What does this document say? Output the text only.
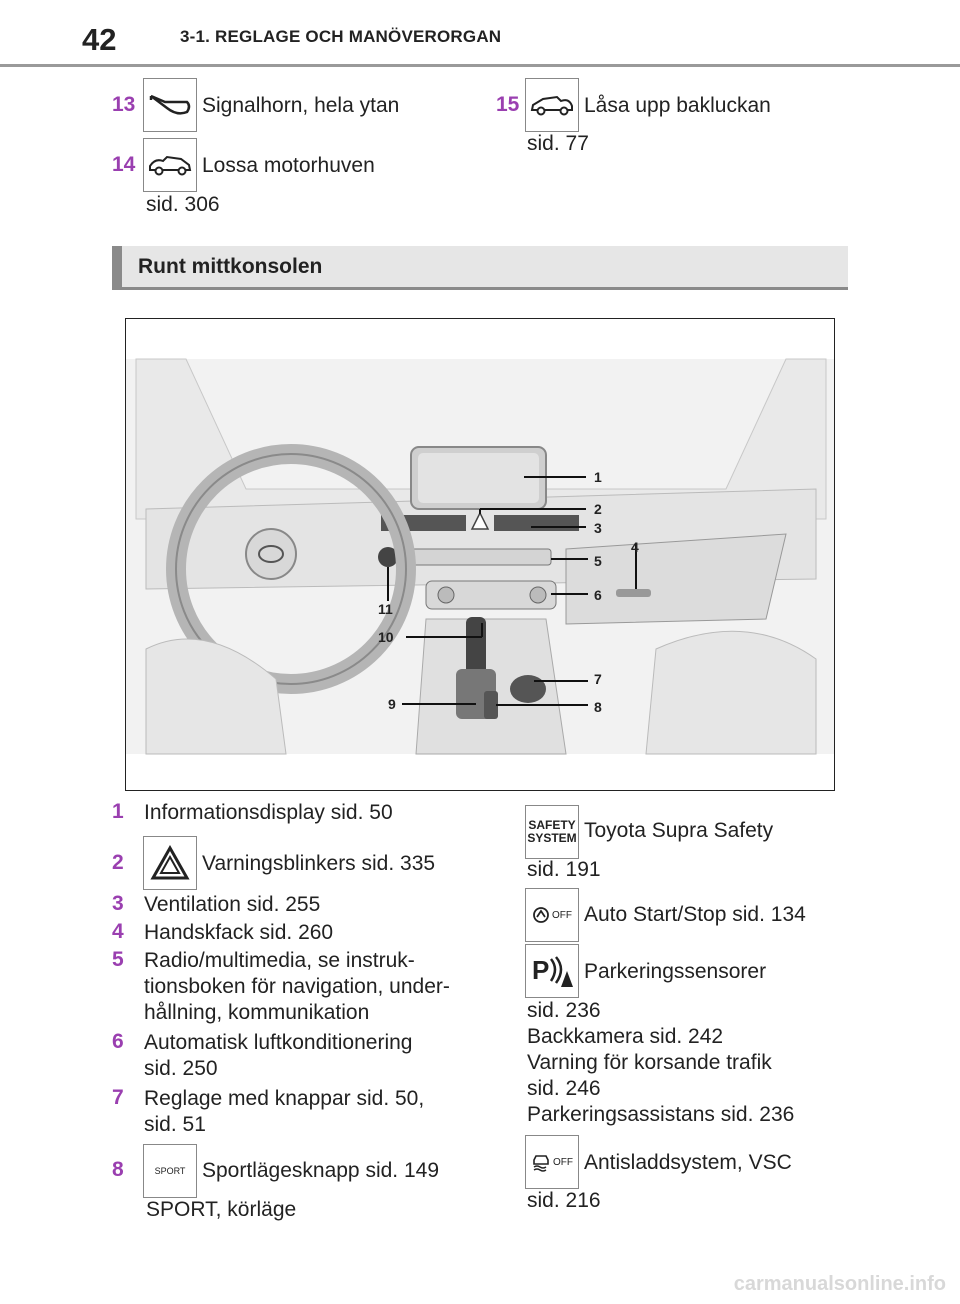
42	3-1. REGLAGE OCH MANÖVERORGAN
13	Signalhorn, hela ytan
14	Lossa motorhuven
sid. 306
15	Låsa upp bakluckan
sid. 77
Runt mittkonsolen
1
2
3
4
5
6
7
8
9
10
11
1 Informationsdisplay sid. 50
2	Varningsblinkers sid. 335
3 Ventilation sid. 255
4 Handskfack sid. 260
5 Radio/multimedia, se instruk-
tionsboken för navigation, under-
hållning, kommunikation
6 Automatisk luftkonditionering
sid. 250
7 Reglage med knappar sid. 50,
sid. 51
8	SPORT Sportlägesknapp sid. 149
SPORT, körläge
SAFETY
SYSTEM Toyota Supra Safety
sid. 191
OFF Auto Start/Stop sid. 134
P Parkeringssensorer
sid. 236
Backkamera sid. 242
Varning för korsande trafik
sid. 246
Parkeringsassistans sid. 236
OFF Antisladdsystem, VSC
sid. 216
carmanualsonline.info
